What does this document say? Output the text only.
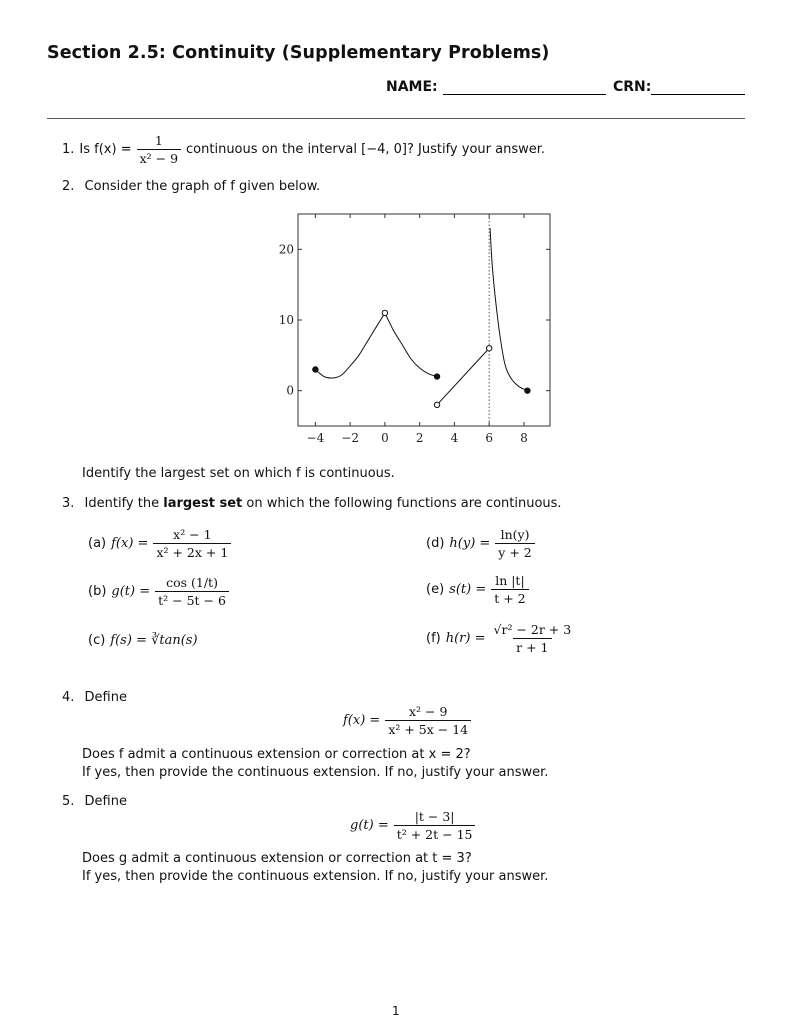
Section 2.5: Continuity (Supplementary Problems)
NAME:	CRN:
1. Is $f(x) = \frac{1}{\text{x² − 9}}$ continuous on the interval [−4, 0]? Justify your answer.
2. Consider the graph of f given below.
−4 −2 0 2 4 6 8
0
10
20
Identify the largest set on which f is continuous.
3. Identify the largest set on which the following functions are continuous.
(a) $f(x) = \frac{\text{x² − 1}}{\text{x² + 2x + 1}}$
(b) $g(t) = \frac{\cos (1/t)}{\text{t² − 5t − 6}}$
(c) f(s) = ∛tan(s)
(d) $h(y) = \frac{\ln(y)}{y + 2}$
(e) $s(t) = \frac{\ln |t|}{t + 2}$
(f) $h(r) = \frac{\text{√r² − 2r + 3}}{r + 1}$
4. Define
$f(x) = \frac{\text{x² − 9}}{\text{x² + 5x − 14}}$
Does f admit a continuous extension or correction at x = 2?
If yes, then provide the continuous extension. If no, justify your answer.
5. Define
$g(t) = \frac{|t - 3|}{\text{t² + 2t − 15}}$
Does g admit a continuous extension or correction at t = 3?
If yes, then provide the continuous extension. If no, justify your answer.
1
